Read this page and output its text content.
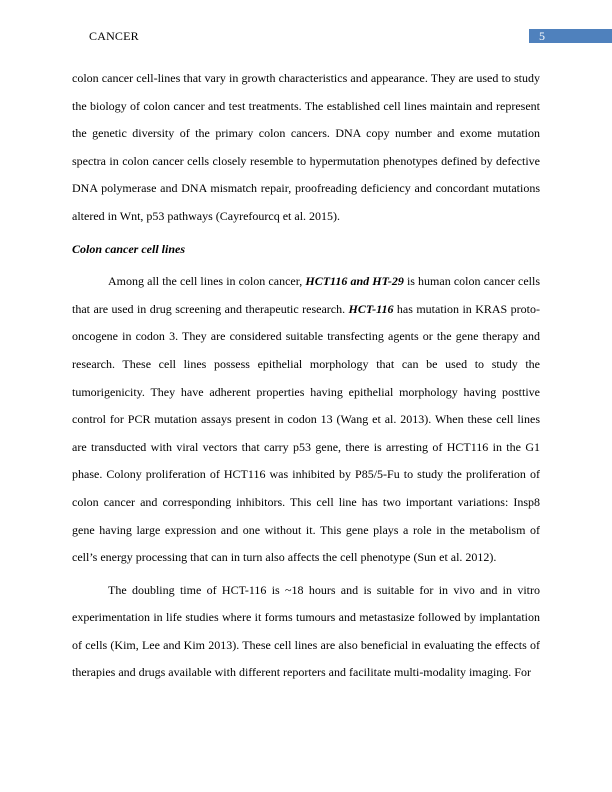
CANCER	5

colon cancer cell-lines that vary in growth characteristics and appearance. They are used to study the biology of colon cancer and test treatments. The established cell lines maintain and represent the genetic diversity of the primary colon cancers. DNA copy number and exome mutation spectra in colon cancer cells closely resemble to hypermutation phenotypes defined by defective DNA polymerase and DNA mismatch repair, proofreading deficiency and concordant mutations altered in Wnt, p53 pathways (Cayrefourcq et al. 2015).

Colon cancer cell lines

Among all the cell lines in colon cancer, HCT116 and HT-29 is human colon cancer cells that are used in drug screening and therapeutic research. HCT-116 has mutation in KRAS proto-oncogene in codon 3. They are considered suitable transfecting agents or the gene therapy and research. These cell lines possess epithelial morphology that can be used to study the tumorigenicity. They have adherent properties having epithelial morphology having posttive control for PCR mutation assays present in codon 13 (Wang et al. 2013). When these cell lines are transducted with viral vectors that carry p53 gene, there is arresting of HCT116 in the G1 phase. Colony proliferation of HCT116 was inhibited by P85/5-Fu to study the proliferation of colon cancer and corresponding inhibitors. This cell line has two important variations: Insp8 gene having large expression and one without it. This gene plays a role in the metabolism of cell’s energy processing that can in turn also affects the cell phenotype (Sun et al. 2012).

The doubling time of HCT-116 is ~18 hours and is suitable for in vivo and in vitro experimentation in life studies where it forms tumours and metastasize followed by implantation of cells (Kim, Lee and Kim 2013). These cell lines are also beneficial in evaluating the effects of therapies and drugs available with different reporters and facilitate multi-modality imaging. For
